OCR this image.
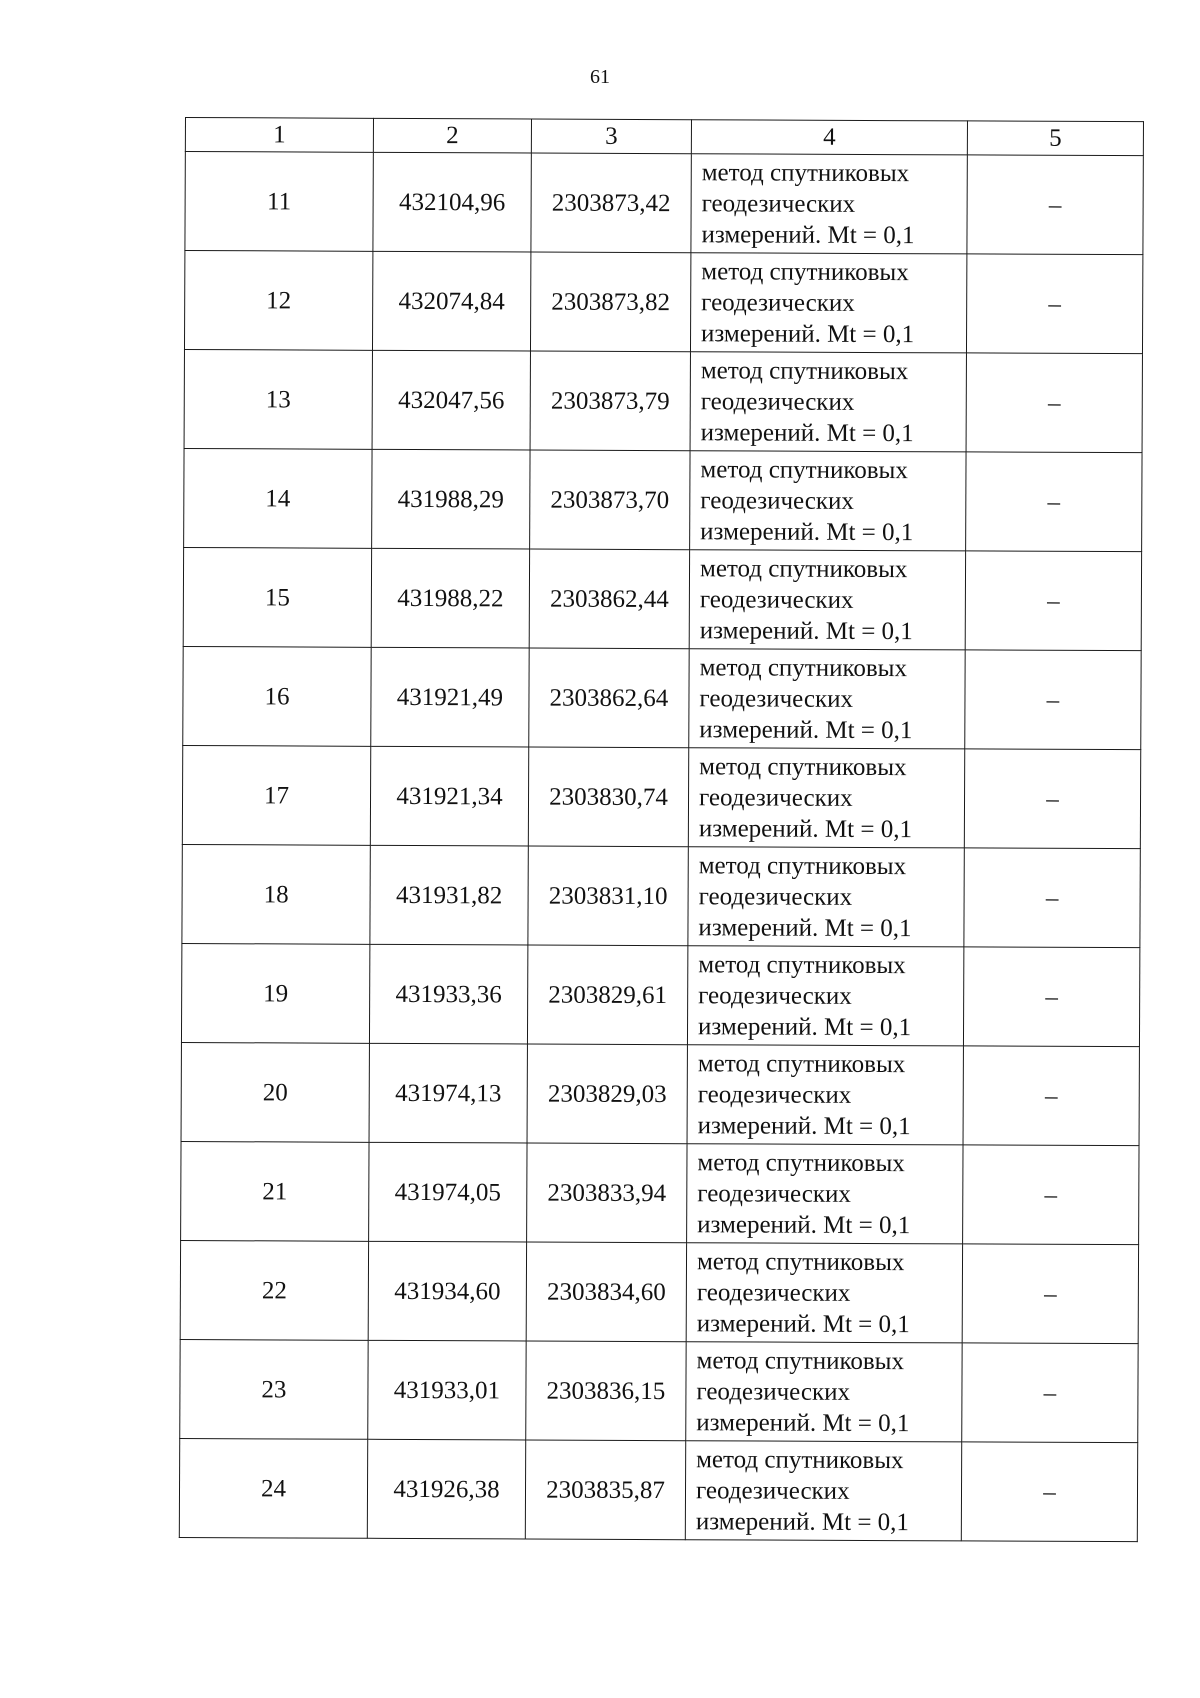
61
1	2	3	4	5
11	432104,96	2303873,42	метод спутниковых
геодезических
измерений. Mt = 0,1	–
12	432074,84	2303873,82	метод спутниковых
геодезических
измерений. Mt = 0,1	–
13	432047,56	2303873,79	метод спутниковых
геодезических
измерений. Mt = 0,1	–
14	431988,29	2303873,70	метод спутниковых
геодезических
измерений. Mt = 0,1	–
15	431988,22	2303862,44	метод спутниковых
геодезических
измерений. Mt = 0,1	–
16	431921,49	2303862,64	метод спутниковых
геодезических
измерений. Mt = 0,1	–
17	431921,34	2303830,74	метод спутниковых
геодезических
измерений. Mt = 0,1	–
18	431931,82	2303831,10	метод спутниковых
геодезических
измерений. Mt = 0,1	–
19	431933,36	2303829,61	метод спутниковых
геодезических
измерений. Mt = 0,1	–
20	431974,13	2303829,03	метод спутниковых
геодезических
измерений. Mt = 0,1	–
21	431974,05	2303833,94	метод спутниковых
геодезических
измерений. Mt = 0,1	–
22	431934,60	2303834,60	метод спутниковых
геодезических
измерений. Mt = 0,1	–
23	431933,01	2303836,15	метод спутниковых
геодезических
измерений. Mt = 0,1	–
24	431926,38	2303835,87	метод спутниковых
геодезических
измерений. Mt = 0,1	–
